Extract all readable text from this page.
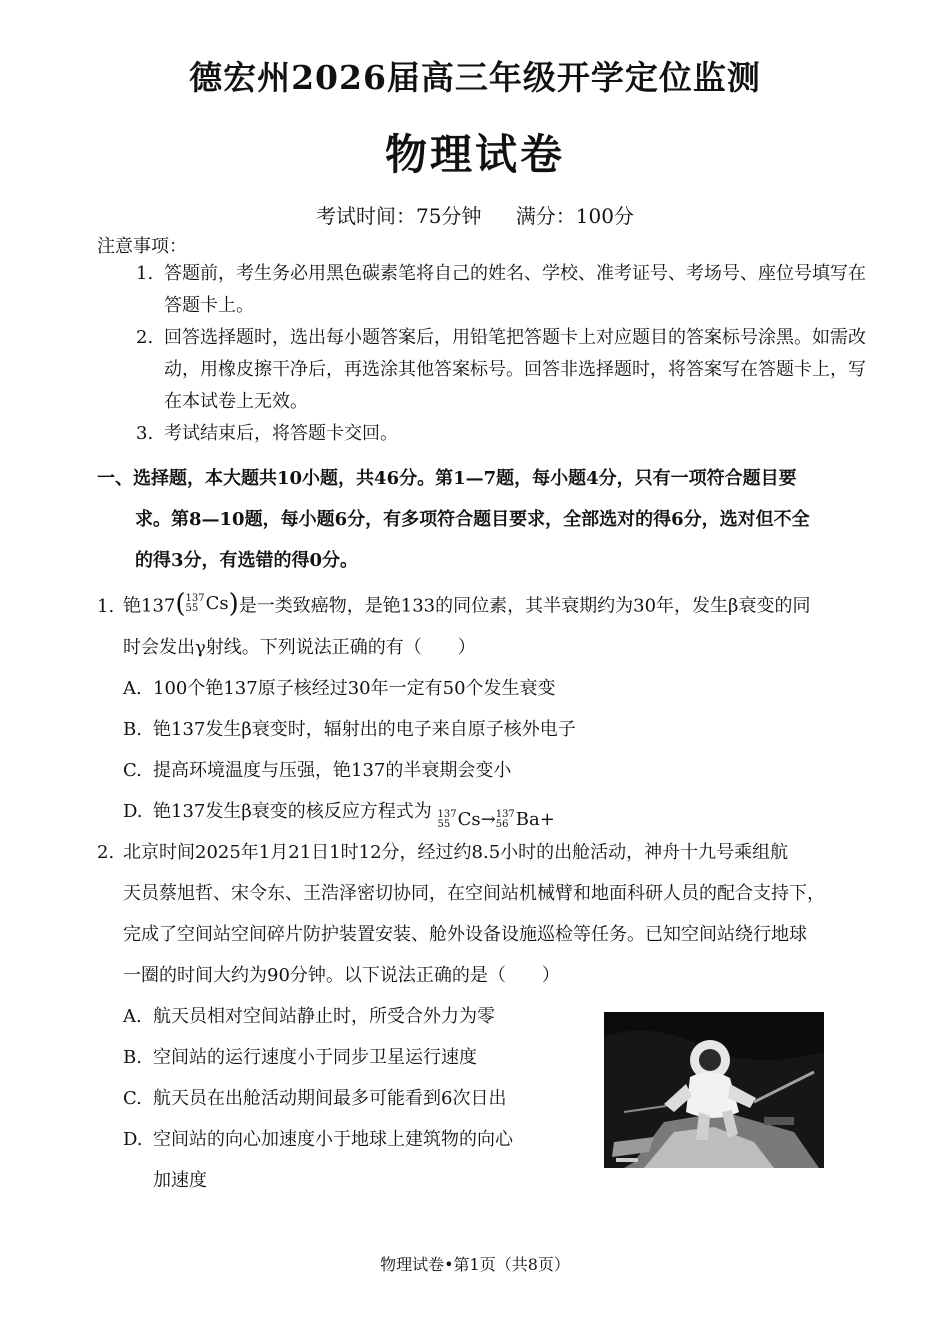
德宏州2026届高三年级开学定位监测
物理试卷
考试时间：75分钟 满分：100分
注意事项：
1. 答题前，考生务必用黑色碳素笔将自己的姓名、学校、准考证号、考场号、座位号填写在答题卡上。
2. 回答选择题时，选出每小题答案后，用铅笔把答题卡上对应题目的答案标号涂黑。如需改动，用橡皮擦干净后，再选涂其他答案标号。回答非选择题时，将答案写在答题卡上，写在本试卷上无效。
3. 考试结束后，将答题卡交回。
一、选择题，本大题共10小题，共46分。第1—7题，每小题4分，只有一项符合题目要
求。第8—10题，每小题6分，有多项符合题目要求，全部选对的得6分，选对但不全
的得3分，有选错的得0分。
1. 铯137 ( 137
55 Cs ) 是一类致癌物，是铯133的同位素，其半衰期约为30年，发生β衰变的同
时会发出γ射线。下列说法正确的有（　　）
A. 100个铯137原子核经过30年一定有50个发生衰变
B. 铯137发生β衰变时，辐射出的电子来自原子核外电子
C. 提高环境温度与压强，铯137的半衰期会变小
D. 铯137发生β衰变的核反应方程式为 137
55 Cs → 137
56 Ba +
2. 北京时间2025年1月21日1时12分，经过约8.5小时的出舱活动，神舟十九号乘组航
天员蔡旭哲、宋令东、王浩泽密切协同，在空间站机械臂和地面科研人员的配合支持下，
完成了空间站空间碎片防护装置安装、舱外设备设施巡检等任务。已知空间站绕行地球
一圈的时间大约为90分钟。以下说法正确的是（　　）
A. 航天员相对空间站静止时，所受合外力为零
B. 空间站的运行速度小于同步卫星运行速度
C. 航天员在出舱活动期间最多可能看到6次日出
D. 空间站的向心加速度小于地球上建筑物的向心
加速度
物理试卷•第1页（共8页）
